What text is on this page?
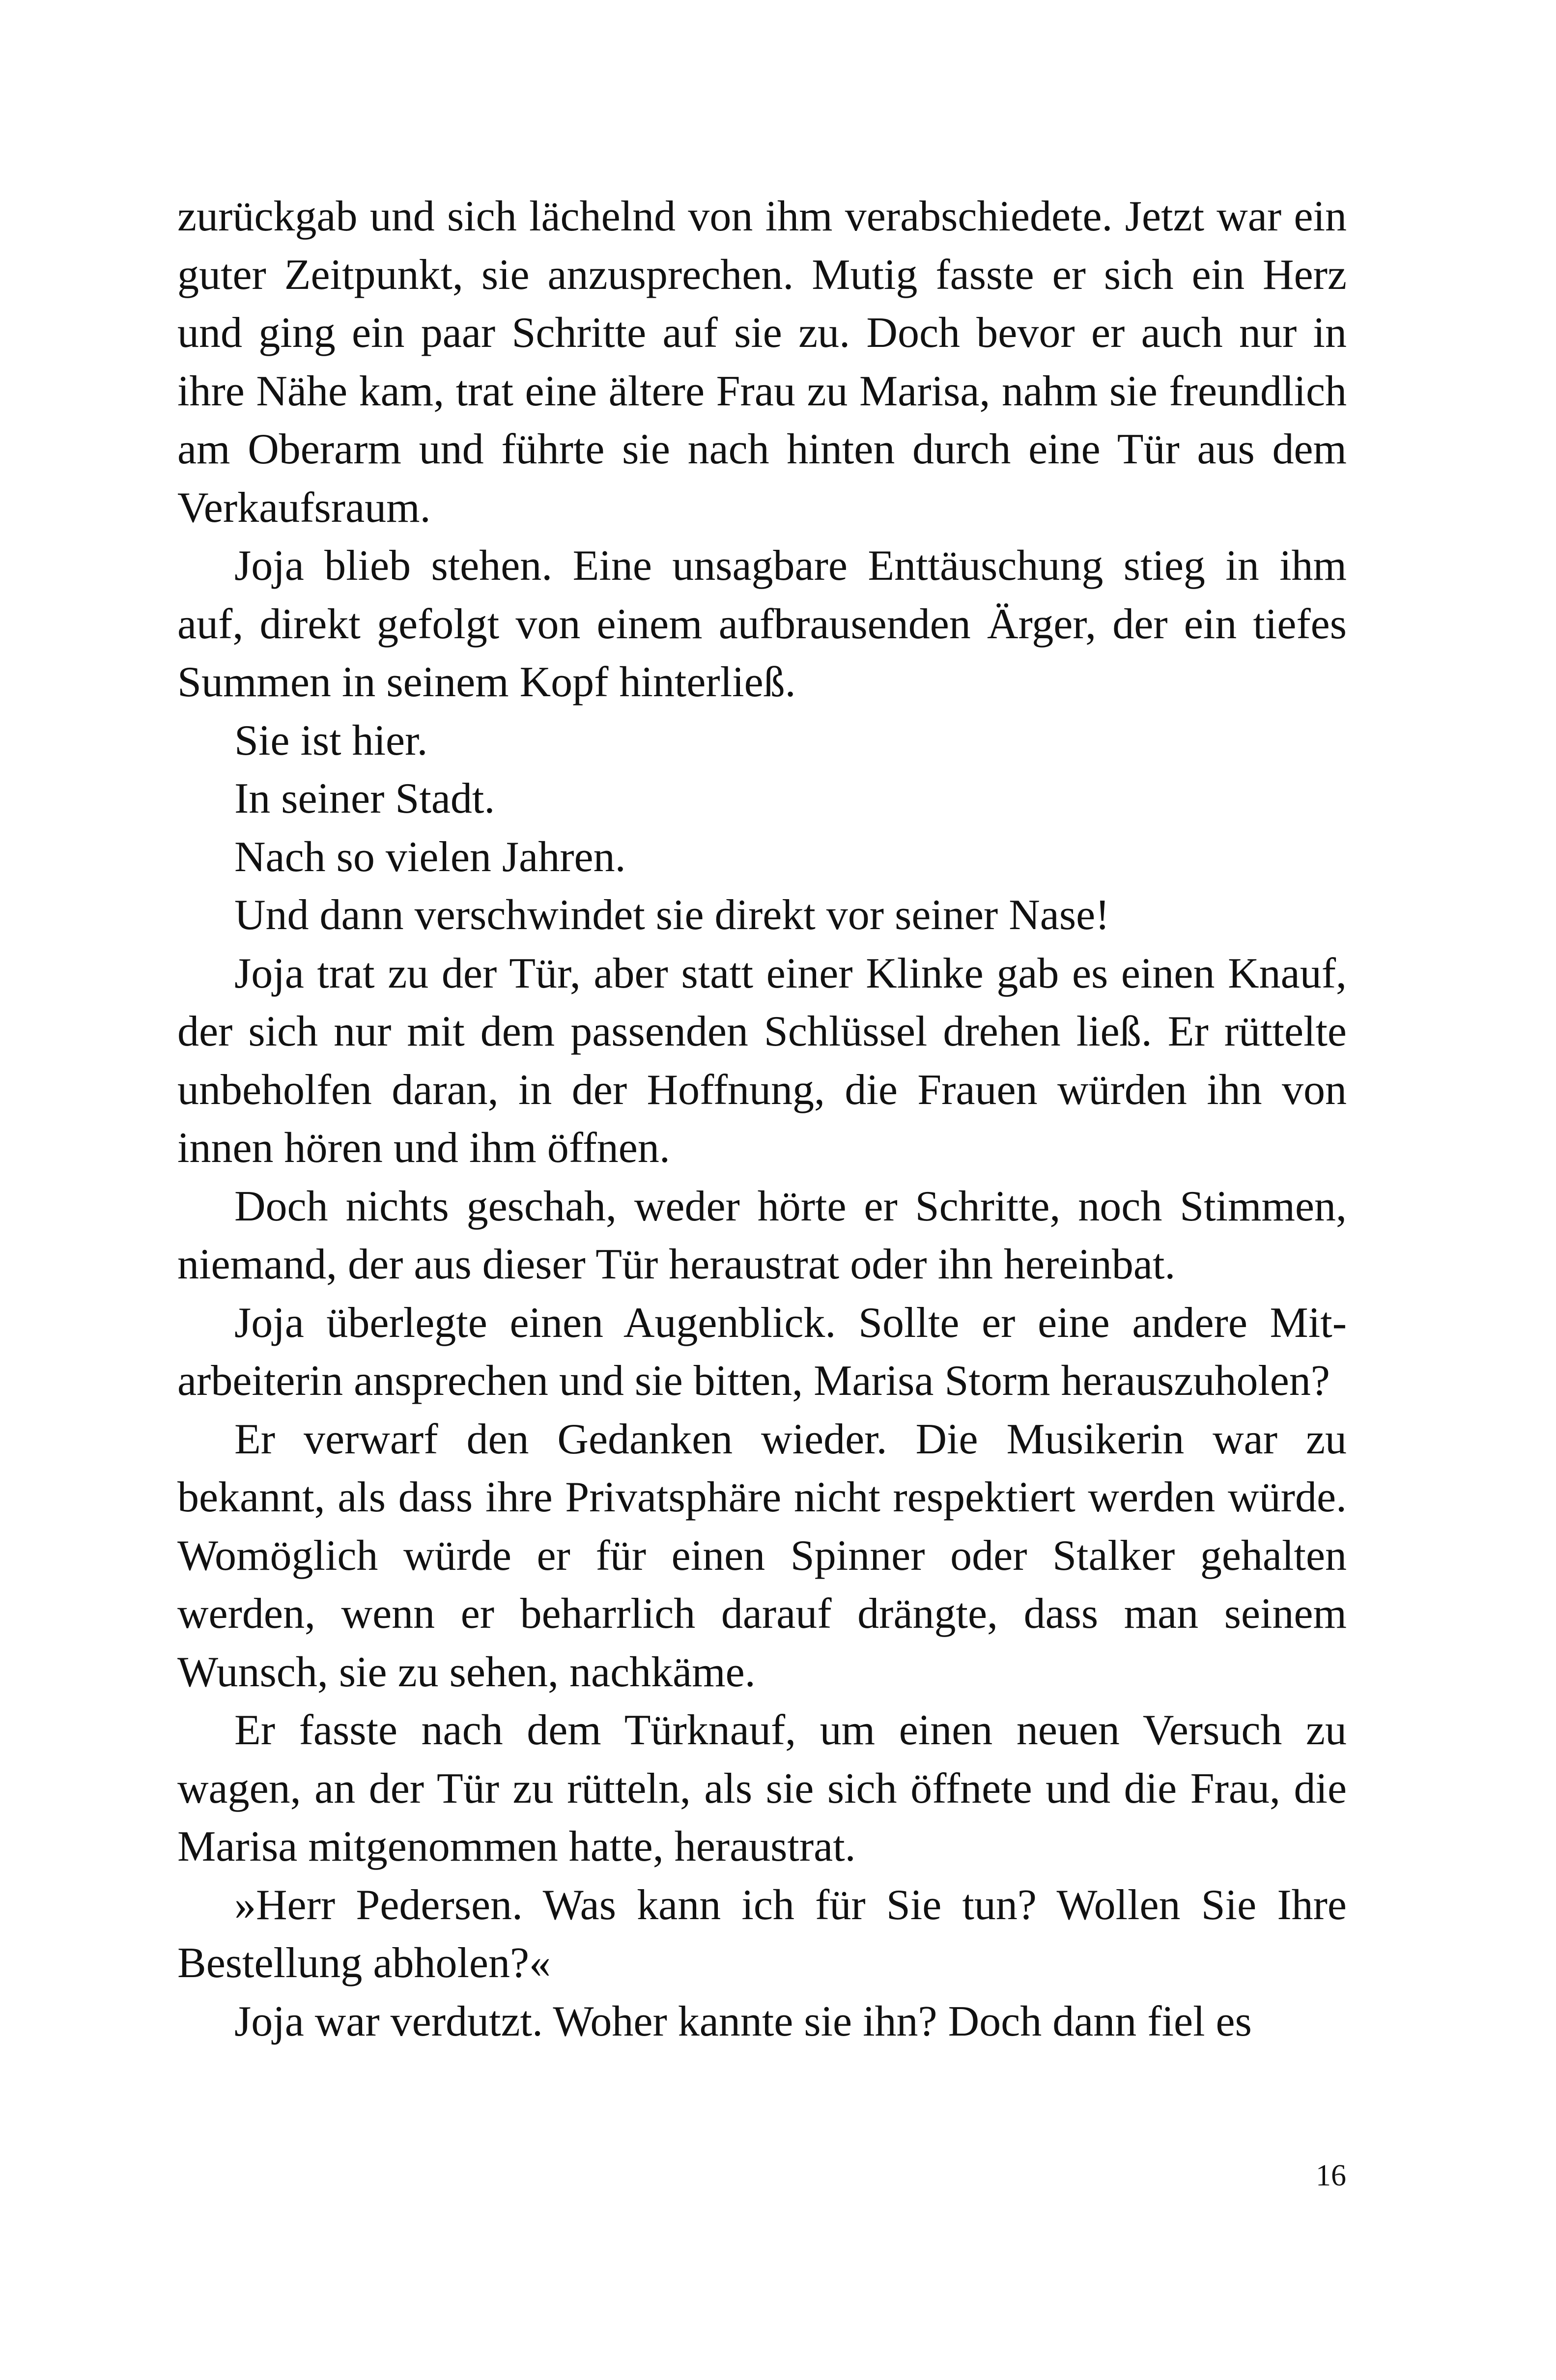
zurückgab und sich lächelnd von ihm verabschiedete. Jetzt war ein guter Zeitpunkt, sie anzusprechen. Mutig fasste er sich ein Herz und ging ein paar Schritte auf sie zu. Doch bevor er auch nur in ihre Nähe kam, trat eine ältere Frau zu Marisa, nahm sie freundlich am Oberarm und führte sie nach hinten durch eine Tür aus dem Verkaufsraum.

Joja blieb stehen. Eine unsagbare Enttäuschung stieg in ihm auf, direkt gefolgt von einem aufbrausenden Ärger, der ein tiefes Summen in seinem Kopf hinterließ.

Sie ist hier.

In seiner Stadt.

Nach so vielen Jahren.

Und dann verschwindet sie direkt vor seiner Nase!

Joja trat zu der Tür, aber statt einer Klinke gab es einen Knauf, der sich nur mit dem passenden Schlüssel drehen ließ. Er rüttelte unbeholfen daran, in der Hoffnung, die Frauen würden ihn von innen hören und ihm öffnen.

Doch nichts geschah, weder hörte er Schritte, noch Stimmen, niemand, der aus dieser Tür heraustrat oder ihn hereinbat.

Joja überlegte einen Augenblick. Sollte er eine andere Mitarbeiterin ansprechen und sie bitten, Marisa Storm herauszuholen?

Er verwarf den Gedanken wieder. Die Musikerin war zu bekannt, als dass ihre Privatsphäre nicht respektiert werden würde. Womöglich würde er für einen Spinner oder Stalker gehalten werden, wenn er beharrlich darauf drängte, dass man seinem Wunsch, sie zu sehen, nachkäme.

Er fasste nach dem Türknauf, um einen neuen Versuch zu wagen, an der Tür zu rütteln, als sie sich öffnete und die Frau, die Marisa mitgenommen hatte, heraustrat.

»Herr Pedersen. Was kann ich für Sie tun? Wollen Sie Ihre Bestellung abholen?«

Joja war verdutzt. Woher kannte sie ihn? Doch dann fiel es

16
